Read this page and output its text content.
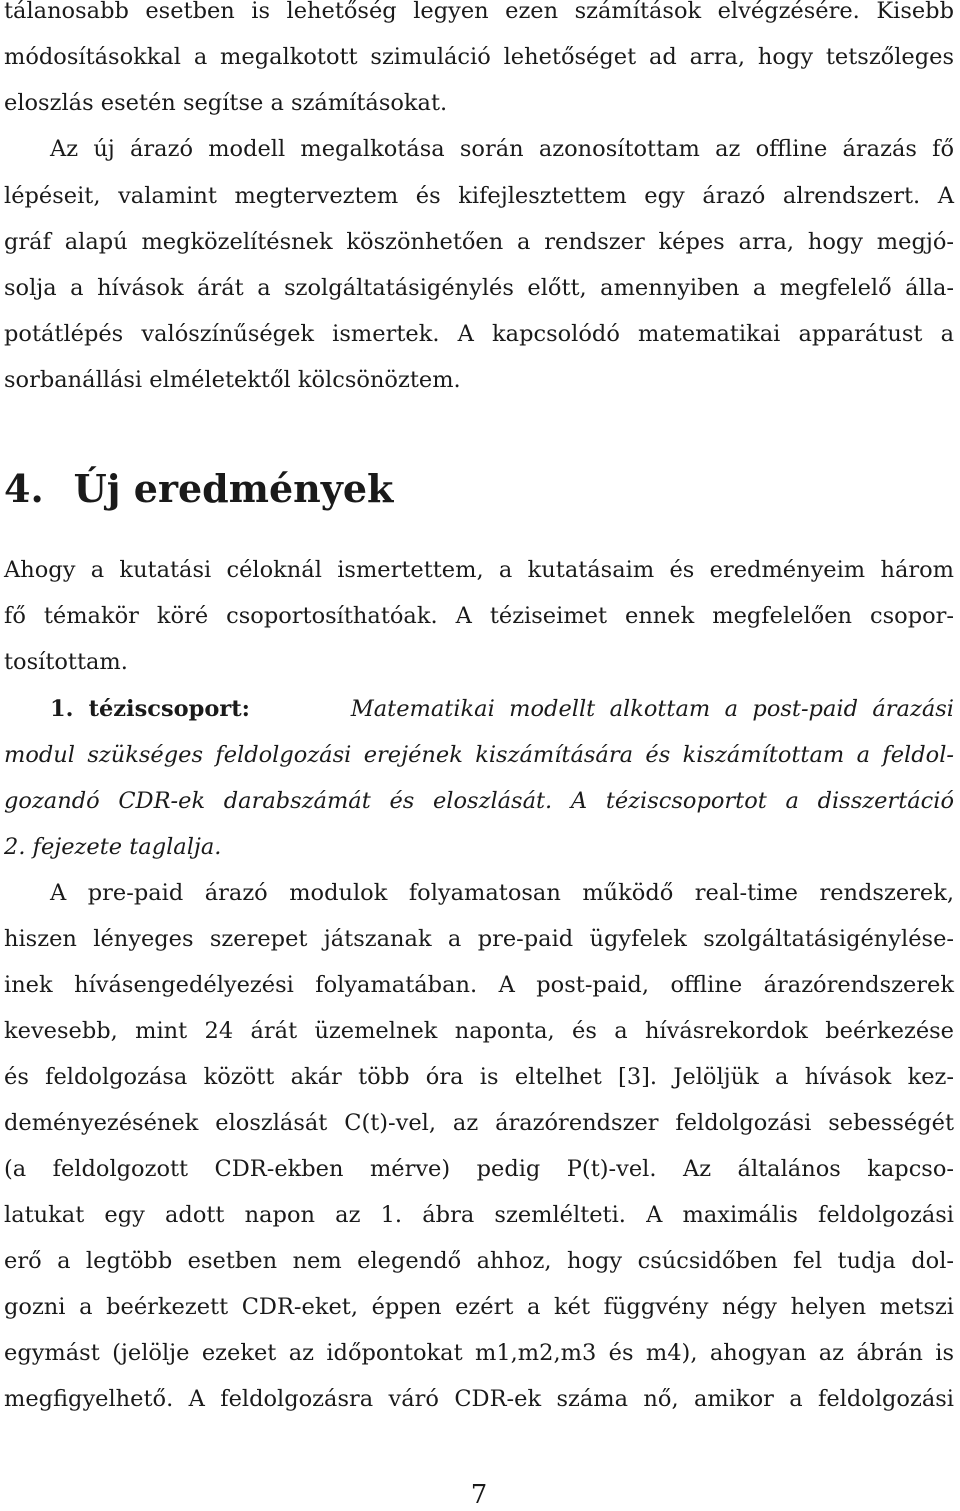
tálanosabb esetben is lehetőség legyen ezen számítások elvégzésére. Kisebb
módosításokkal a megalkotott szimuláció lehetőséget ad arra, hogy tetszőleges
eloszlás esetén segítse a számításokat.
Az új árazó modell megalkotása során azonosítottam az offline árazás fő
lépéseit, valamint megterveztem és kifejlesztettem egy árazó alrendszert. A
gráf alapú megközelítésnek köszönhetően a rendszer képes arra, hogy megjó-
solja a hívások árát a szolgáltatásigénylés előtt, amennyiben a megfelelő álla-
potátlépés valószínűségek ismertek. A kapcsolódó matematikai apparátust a
sorbanállási elméletektől kölcsönöztem.
4. Új eredmények
Ahogy a kutatási céloknál ismertettem, a kutatásaim és eredményeim három
fő témakör köré csoportosíthatóak. A téziseimet ennek megfelelően csopor-
tosítottam.
1. téziscsoport:	Matematikai modellt alkottam a post-paid árazási
modul szükséges feldolgozási erejének kiszámítására és kiszámítottam a feldol-
gozandó CDR-ek darabszámát és eloszlását. A téziscsoportot a disszertáció
2. fejezete taglalja.
A pre-paid árazó modulok folyamatosan működő real-time rendszerek,
hiszen lényeges szerepet játszanak a pre-paid ügyfelek szolgáltatásigénylése-
inek hívásengedélyezési folyamatában. A post-paid, offline árazórendszerek
kevesebb, mint 24 árát üzemelnek naponta, és a hívásrekordok beérkezése
és feldolgozása között akár több óra is eltelhet [3]. Jelöljük a hívások kez-
deményezésének eloszlását C(t)-vel, az árazórendszer feldolgozási sebességét
(a feldolgozott CDR-ekben mérve) pedig P(t)-vel. Az általános kapcso-
latukat egy adott napon az 1. ábra szemlélteti. A maximális feldolgozási
erő a legtöbb esetben nem elegendő ahhoz, hogy csúcsidőben fel tudja dol-
gozni a beérkezett CDR-eket, éppen ezért a két függvény négy helyen metszi
egymást (jelölje ezeket az időpontokat m1,m2,m3 és m4), ahogyan az ábrán is
megfigyelhető. A feldolgozásra váró CDR-ek száma nő, amikor a feldolgozási
7
